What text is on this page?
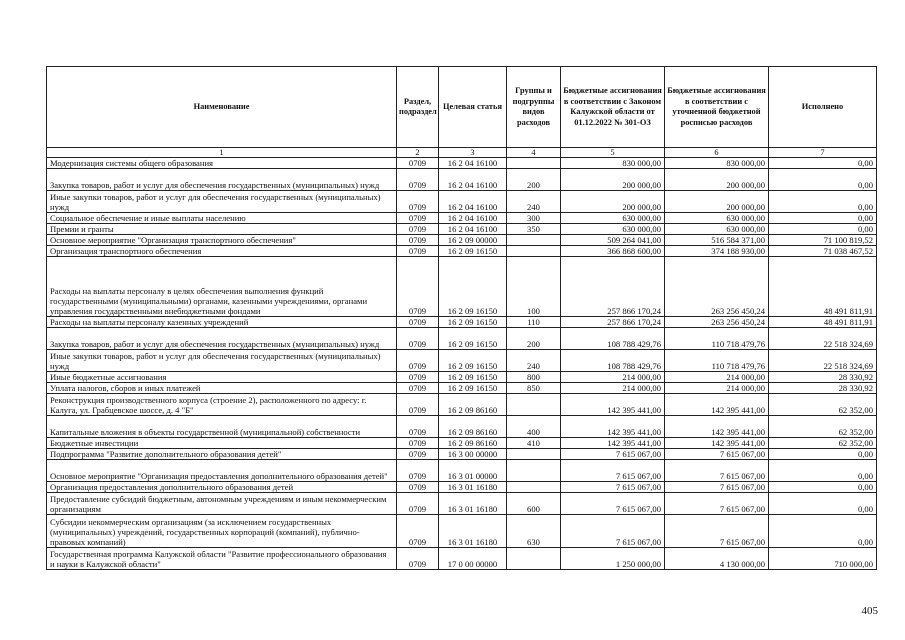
Наименование	Раздел, подраздел	Целевая статья	Группы и подгруппы видов расходов	Бюджетные ассигнования в соответствии с Законом Калужской области от 01.12.2022 № 301-ОЗ	Бюджетные ассигнования в соответствии с уточненной бюджетной росписью расходов	Исполнено
1	2	3	4	5	6	7
Модернизация системы общего образования	0709	16 2 04 16100		830 000,00	830 000,00	0,00
Закупка товаров, работ и услуг для обеспечения государственных (муниципальных) нужд	0709	16 2 04 16100	200	200 000,00	200 000,00	0,00
Иные закупки товаров, работ и услуг для обеспечения государственных (муниципальных) нужд	0709	16 2 04 16100	240	200 000,00	200 000,00	0,00
Социальное обеспечение и иные выплаты населению	0709	16 2 04 16100	300	630 000,00	630 000,00	0,00
Премии и гранты	0709	16 2 04 16100	350	630 000,00	630 000,00	0,00
Основное мероприятие "Организация транспортного обеспечения"	0709	16 2 09 00000		509 264 041,00	516 584 371,00	71 100 819,52
Организация транспортного обеспечения	0709	16 2 09 16150		366 868 600,00	374 188 930,00	71 038 467,52
Расходы на выплаты персоналу в целях обеспечения выполнения функций государственными (муниципальными) органами, казенными учреждениями, органами управления государственными внебюджетными фондами	0709	16 2 09 16150	100	257 866 170,24	263 256 450,24	48 491 811,91
Расходы на выплаты персоналу казенных учреждений	0709	16 2 09 16150	110	257 866 170,24	263 256 450,24	48 491 811,91
Закупка товаров, работ и услуг для обеспечения государственных (муниципальных) нужд	0709	16 2 09 16150	200	108 788 429,76	110 718 479,76	22 518 324,69
Иные закупки товаров, работ и услуг для обеспечения государственных (муниципальных) нужд	0709	16 2 09 16150	240	108 788 429,76	110 718 479,76	22 518 324,69
Иные бюджетные ассигнования	0709	16 2 09 16150	800	214 000,00	214 000,00	28 330,92
Уплата налогов, сборов и иных платежей	0709	16 2 09 16150	850	214 000,00	214 000,00	28 330,92
Реконструкция производственного корпуса (строение 2), расположенного по адресу: г. Калуга, ул. Грабцевское шоссе, д. 4 "Б"	0709	16 2 09 86160		142 395 441,00	142 395 441,00	62 352,00
Капитальные вложения в объекты государственной (муниципальной) собственности	0709	16 2 09 86160	400	142 395 441,00	142 395 441,00	62 352,00
Бюджетные инвестиции	0709	16 2 09 86160	410	142 395 441,00	142 395 441,00	62 352,00
Подпрограмма "Развитие дополнительного образования детей"	0709	16 3 00 00000		7 615 067,00	7 615 067,00	0,00
Основное мероприятие "Организация предоставления дополнительного образования детей"	0709	16 3 01 00000		7 615 067,00	7 615 067,00	0,00
Организация предоставления дополнительного образования детей	0709	16 3 01 16180		7 615 067,00	7 615 067,00	0,00
Предоставление субсидий бюджетным, автономным учреждениям и иным некоммерческим организациям	0709	16 3 01 16180	600	7 615 067,00	7 615 067,00	0,00
Субсидии некоммерческим организациям (за исключением государственных (муниципальных) учреждений, государственных корпораций (компаний), публично-правовых компаний)	0709	16 3 01 16180	630	7 615 067,00	7 615 067,00	0,00
Государственная программа Калужской области "Развитие профессионального образования и науки в Калужской области"	0709	17 0 00 00000		1 250 000,00	4 130 000,00	710 000,00
405
